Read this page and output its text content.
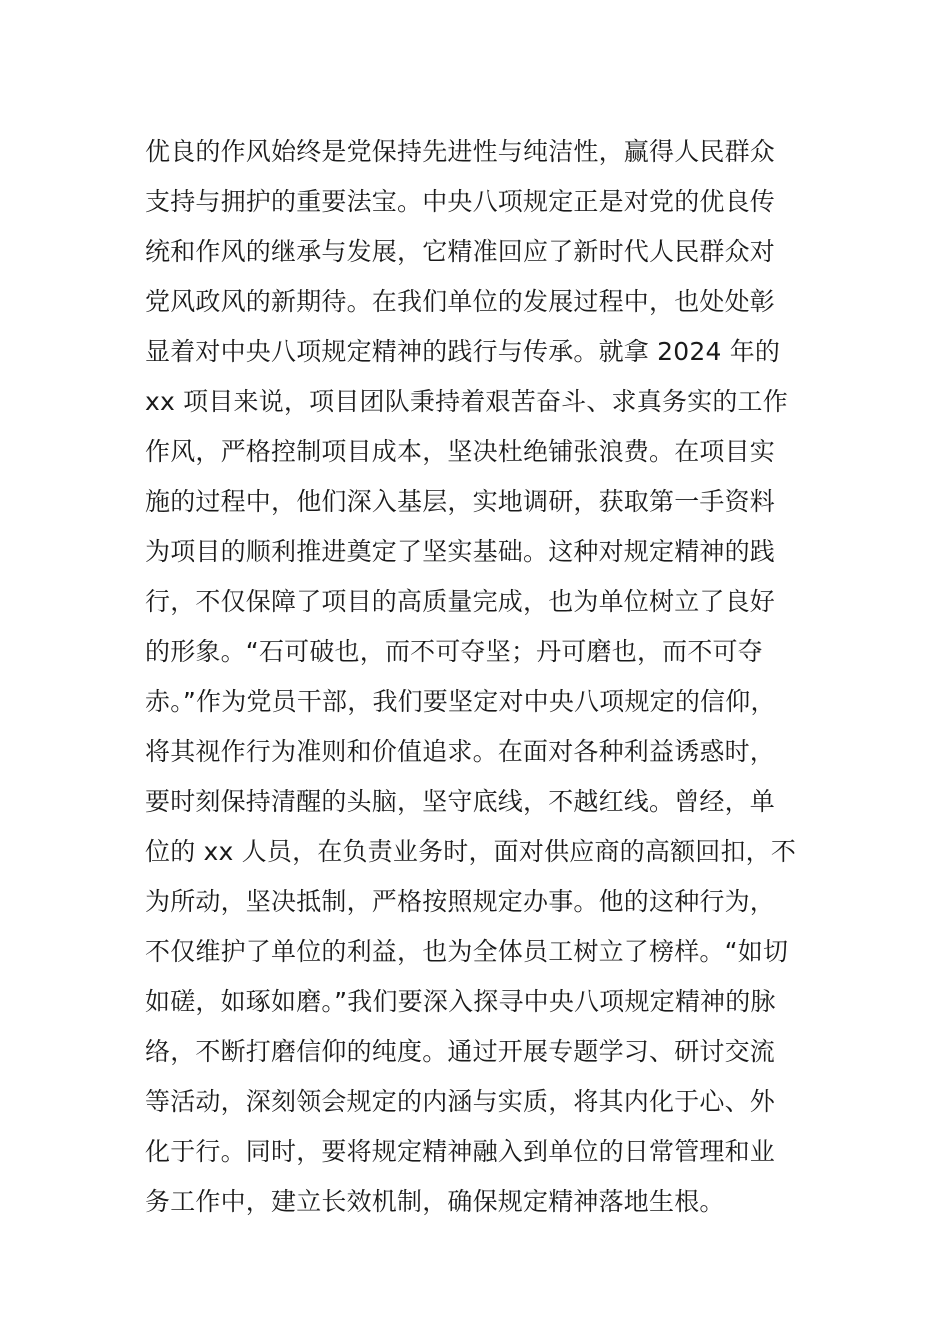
优良的作风始终是党保持先进性与纯洁性，赢得人民群众
支持与拥护的重要法宝。中央八项规定正是对党的优良传
统和作风的继承与发展，它精准回应了新时代人民群众对
党风政风的新期待。在我们单位的发展过程中，也处处彰
显着对中央八项规定精神的践行与传承。就拿 2024 年的
xx 项目来说，项目团队秉持着艰苦奋斗、求真务实的工作
作风，严格控制项目成本，坚决杜绝铺张浪费。在项目实
施的过程中，他们深入基层，实地调研，获取第一手资料
为项目的顺利推进奠定了坚实基础。这种对规定精神的践
行，不仅保障了项目的高质量完成，也为单位树立了良好
的形象。“石可破也，而不可夺坚；丹可磨也，而不可夺
赤。”作为党员干部，我们要坚定对中央八项规定的信仰，
将其视作行为准则和价值追求。在面对各种利益诱惑时，
要时刻保持清醒的头脑，坚守底线，不越红线。曾经，单
位的 xx 人员，在负责业务时，面对供应商的高额回扣，不
为所动，坚决抵制，严格按照规定办事。他的这种行为，
不仅维护了单位的利益，也为全体员工树立了榜样。“如切
如磋，如琢如磨。”我们要深入探寻中央八项规定精神的脉
络，不断打磨信仰的纯度。通过开展专题学习、研讨交流
等活动，深刻领会规定的内涵与实质，将其内化于心、外
化于行。同时，要将规定精神融入到单位的日常管理和业
务工作中，建立长效机制，确保规定精神落地生根。
